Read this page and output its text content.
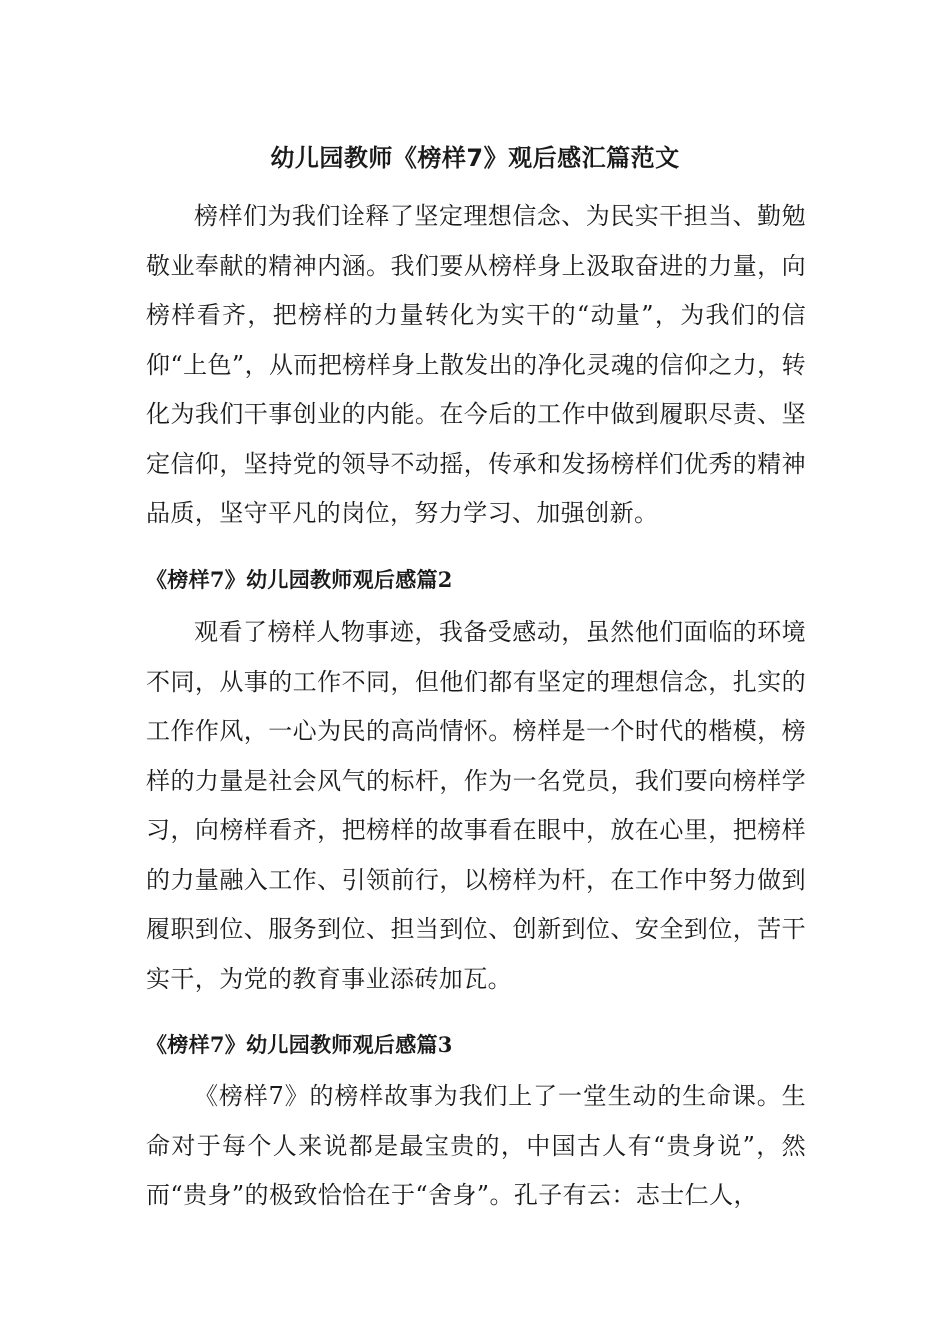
幼儿园教师《榜样7》观后感汇篇范文

榜样们为我们诠释了坚定理想信念、为民实干担当、勤勉敬业奉献的精神内涵。我们要从榜样身上汲取奋进的力量，向榜样看齐，把榜样的力量转化为实干的“动量”，为我们的信仰“上色”，从而把榜样身上散发出的净化灵魂的信仰之力，转化为我们干事创业的内能。在今后的工作中做到履职尽责、坚定信仰，坚持党的领导不动摇，传承和发扬榜样们优秀的精神品质，坚守平凡的岗位，努力学习、加强创新。

《榜样7》幼儿园教师观后感篇2

观看了榜样人物事迹，我备受感动，虽然他们面临的环境不同，从事的工作不同，但他们都有坚定的理想信念，扎实的工作作风，一心为民的高尚情怀。榜样是一个时代的楷模，榜样的力量是社会风气的标杆，作为一名党员，我们要向榜样学习，向榜样看齐，把榜样的故事看在眼中，放在心里，把榜样的力量融入工作、引领前行，以榜样为杆，在工作中努力做到履职到位、服务到位、担当到位、创新到位、安全到位，苦干实干，为党的教育事业添砖加瓦。

《榜样7》幼儿园教师观后感篇3

《榜样7》的榜样故事为我们上了一堂生动的生命课。生命对于每个人来说都是最宝贵的，中国古人有“贵身说”，然而“贵身”的极致恰恰在于“舍身”。孔子有云：志士仁人，
